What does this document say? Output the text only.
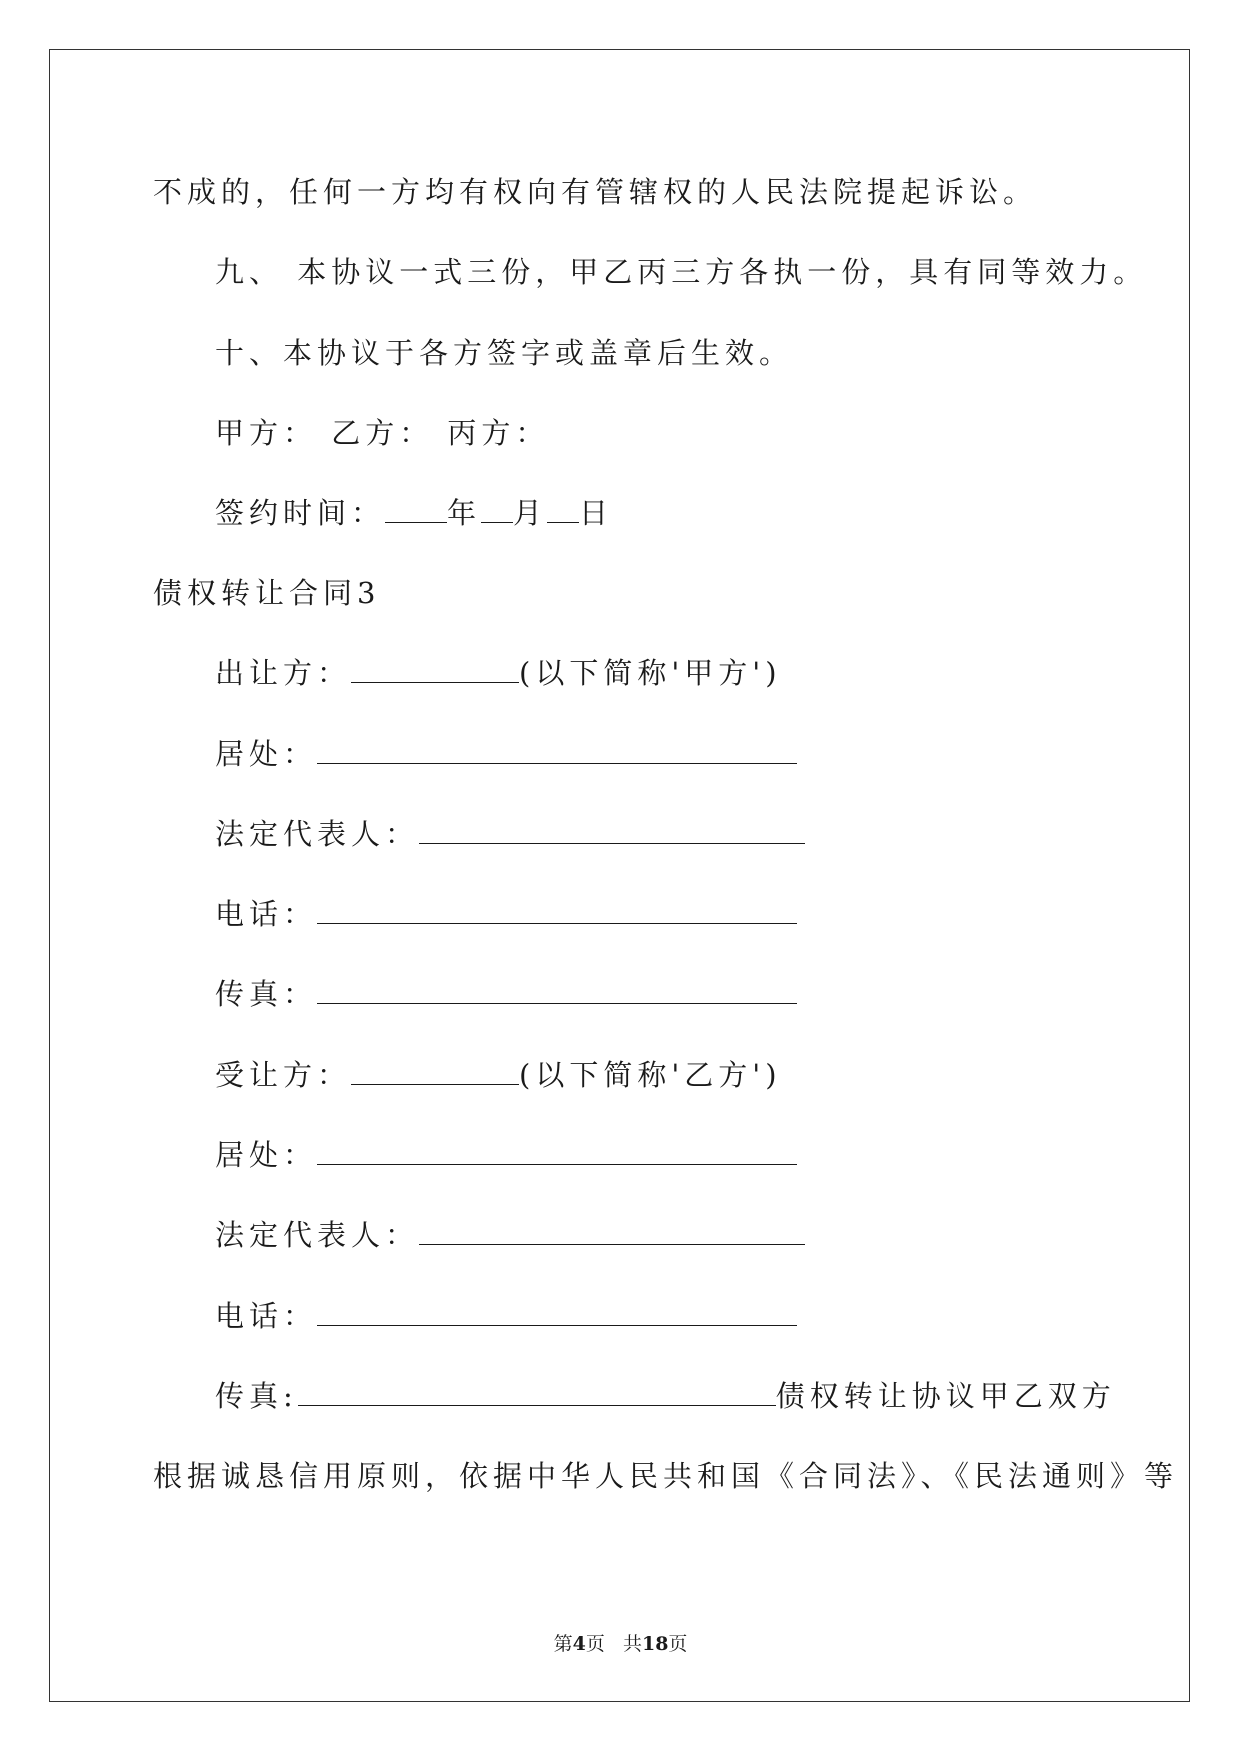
不成的，任何一方均有权向有管辖权的人民法院提起诉讼。
九、 本协议一式三份，甲乙丙三方各执一份，具有同等效力。
十、本协议于各方签字或盖章后生效。
甲方： 乙方： 丙方：
签约时间： 年 月 日
债权转让合同3
出让方：	(以下简称'甲方')
居处：
法定代表人：
电话：
传真：
受让方：	(以下简称'乙方')
居处：
法定代表人：
电话：
传真:	债权转让协议甲乙双方
根据诚恳信用原则，依据中华人民共和国《合同法》、《民法通则》等
第4页 共18页
